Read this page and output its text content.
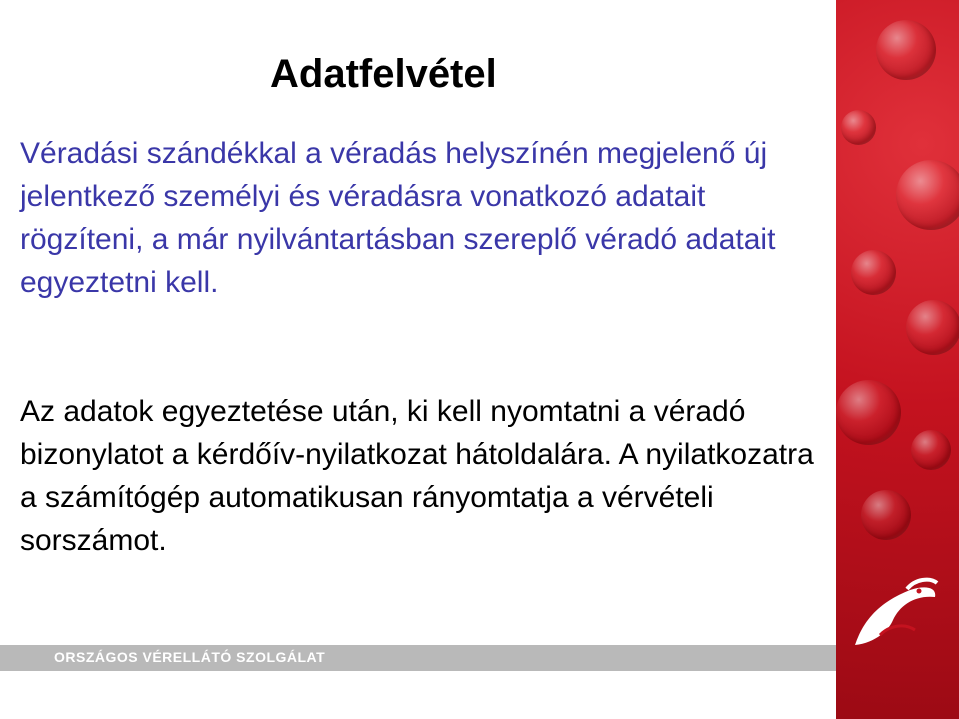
Adatfelvétel
Véradási szándékkal a véradás helyszínén megjelenő új jelentkező személyi és véradásra vonatkozó adatait rögzíteni, a már nyilvántartásban szereplő véradó adatait egyeztetni kell.
Az adatok egyeztetése után, ki kell nyomtatni a véradó bizonylatot a kérdőív-nyilatkozat hátoldalára. A nyilatkozatra a számítógép automatikusan rányomtatja a vérvételi sorszámot.
ORSZÁGOS VÉRELLÁTÓ SZOLGÁLAT
